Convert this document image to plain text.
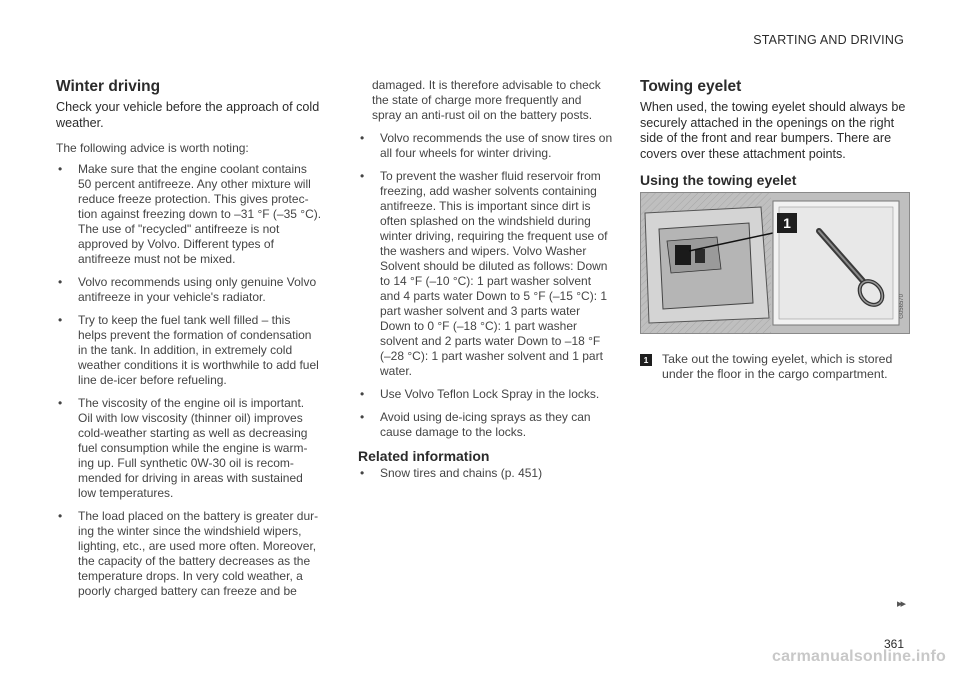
STARTING AND DRIVING
Winter driving

Check your vehicle before the approach of cold weather.

The following advice is worth noting:

• Make sure that the engine coolant contains 50 percent antifreeze. Any other mixture will reduce freeze protection. This gives protec-tion against freezing down to –31 °F (–35 °C). The use of "recycled" antifreeze is not approved by Volvo. Different types of antifreeze must not be mixed.
• Volvo recommends using only genuine Volvo antifreeze in your vehicle's radiator.
• Try to keep the fuel tank well filled – this helps prevent the formation of condensation in the tank. In addition, in extremely cold weather conditions it is worthwhile to add fuel line de-icer before refueling.
• The viscosity of the engine oil is important. Oil with low viscosity (thinner oil) improves cold-weather starting as well as decreasing fuel consumption while the engine is warm-ing up. Full synthetic 0W-30 oil is recom-mended for driving in areas with sustained low temperatures.
• The load placed on the battery is greater dur-ing the winter since the windshield wipers, lighting, etc., are used more often. Moreover, the capacity of the battery decreases as the temperature drops. In very cold weather, a poorly charged battery can freeze and be

damaged. It is therefore advisable to check the state of charge more frequently and spray an anti-rust oil on the battery posts.

• Volvo recommends the use of snow tires on all four wheels for winter driving.
• To prevent the washer fluid reservoir from freezing, add washer solvents containing antifreeze. This is important since dirt is often splashed on the windshield during winter driving, requiring the frequent use of the washers and wipers. Volvo Washer Solvent should be diluted as follows: Down to 14 °F (–10 °C): 1 part washer solvent and 4 parts water Down to 5 °F (–15 °C): 1 part washer solvent and 3 parts water Down to 0 °F (–18 °C): 1 part washer solvent and 2 parts water Down to –18 °F (–28 °C): 1 part washer solvent and 1 part water.
• Use Volvo Teflon Lock Spray in the locks.
• Avoid using de-icing sprays as they can cause damage to the locks.
Related information
• Snow tires and chains (p. 451)
Towing eyelet

When used, the towing eyelet should always be securely attached in the openings on the right side of the front and rear bumpers. There are covers over these attachment points.

Using the towing eyelet
1
G056570
1 Take out the towing eyelet, which is stored under the floor in the cargo compartment.
▸▸
361
carmanualsonline.info
